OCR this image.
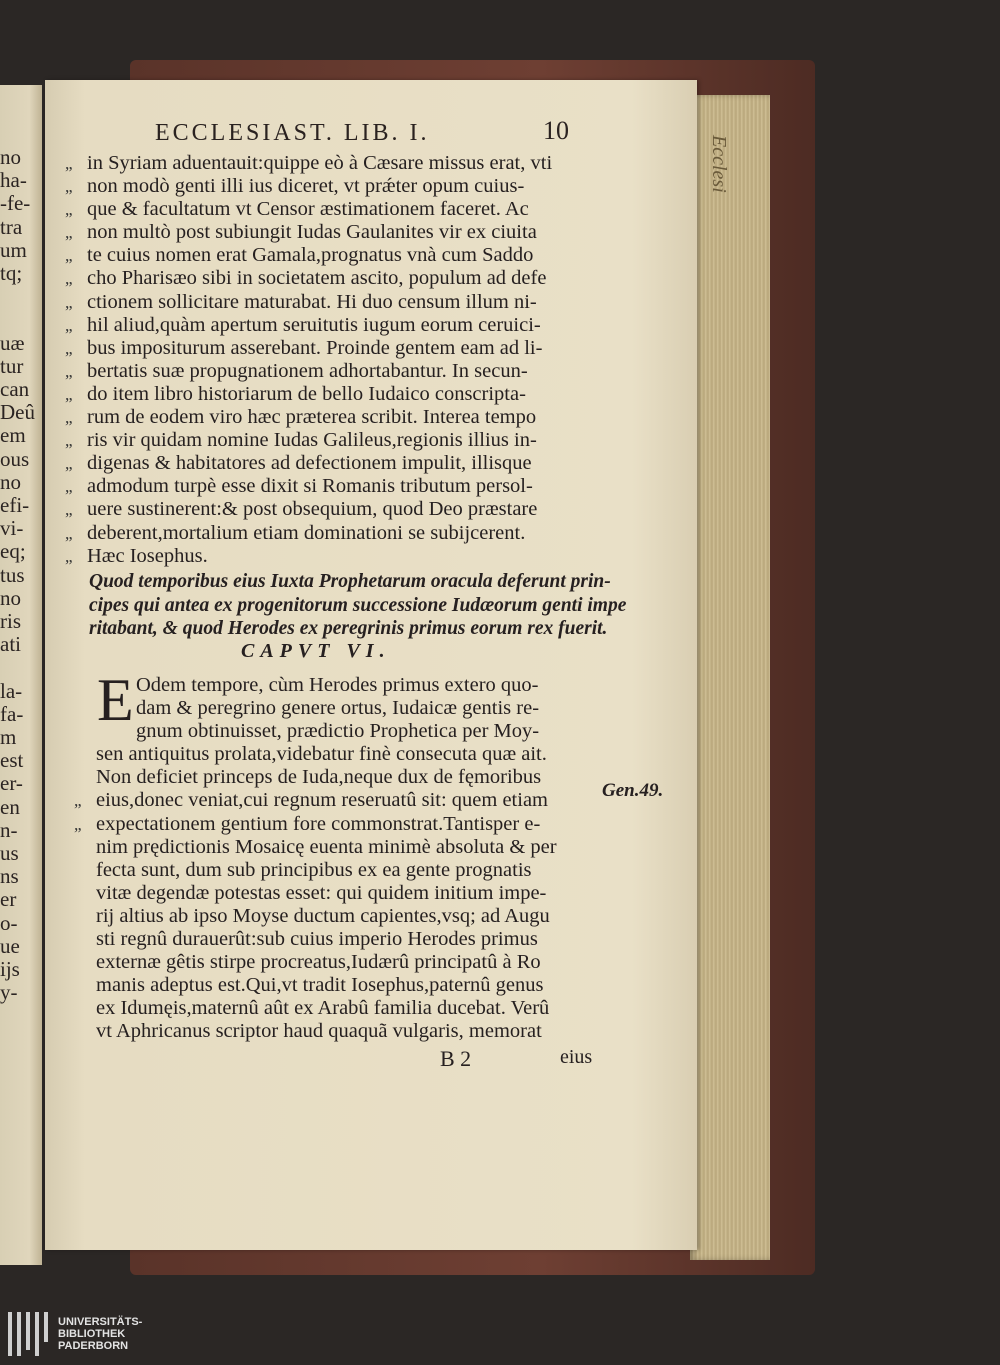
Ecclesi
no
ha-
-fe-
tra
um
tq;
uæ
tur
can
Deû
em
ous
no
efi-
vi-
eq;
tus
no
ris
ati
la-
fa-
m
est
er-
en
n-
us
ns
er
o-
ue
ijs
y-
ECCLESIAST. LIB. I.	10
„ in Syriam aduentauit:quippe eò à Cæsare missus erat, vti
„ non modò genti illi ius diceret, vt prǽter opum cuius-
„ que & facultatum vt Censor æstimationem faceret. Ac
„ non multò post subiungit Iudas Gaulanites vir ex ciuita
„ te cuius nomen erat Gamala,prognatus vnà cum Saddo
„ cho Pharisæo sibi in societatem ascito, populum ad defe
„ ctionem sollicitare maturabat. Hi duo censum illum ni-
„ hil aliud,quàm apertum seruitutis iugum eorum ceruici-
„ bus impositurum asserebant. Proinde gentem eam ad li-
„ bertatis suæ propugnationem adhortabantur. In secun-
„ do item libro historiarum de bello Iudaico conscripta-
„ rum de eodem viro hæc præterea scribit. Interea tempo
„ ris vir quidam nomine Iudas Galileus,regionis illius in-
„ digenas & habitatores ad defectionem impulit, illisque
„ admodum turpè esse dixit si Romanis tributum persol-
„ uere sustinerent:& post obsequium, quod Deo præstare
„ deberent,mortalium etiam dominationi se subijcerent.
„ Hæc Iosephus.
Quod temporibus eius Iuxta Prophetarum oracula deferunt prin-
cipes qui antea ex progenitorum successione Iudæorum genti impe
ritabant, & quod Herodes ex peregrinis primus eorum rex fuerit.
CAPVT VI.
E Odem tempore, cùm Herodes primus extero quo-
dam & peregrino genere ortus, Iudaicæ gentis re-
gnum obtinuisset, prædictio Prophetica per Moy-
sen antiquitus prolata,videbatur finè consecuta quæ ait.
Non deficiet princeps de Iuda,neque dux de fęmoribus
„ eius,donec veniat,cui regnum reseruatû sit: quem etiam
„ expectationem gentium fore commonstrat.Tantisper e-
nim prędictionis Mosaicę euenta minimè absoluta & per
fecta sunt, dum sub principibus ex ea gente prognatis
vitæ degendæ potestas esset: qui quidem initium impe-
rij altius ab ipso Moyse ductum capientes,vsq; ad Augu
sti regnû durauerût:sub cuius imperio Herodes primus
externæ gêtis stirpe procreatus,Iudærû principatû à Ro
manis adeptus est.Qui,vt tradit Iosephus,paternû genus
ex Idumęis,maternû aût ex Arabû familia ducebat. Verû
vt Aphricanus scriptor haud quaquã vulgaris, memorat
Gen.49.
B 2	eius
UNIVERSITÄTS-
BIBLIOTHEK
PADERBORN
